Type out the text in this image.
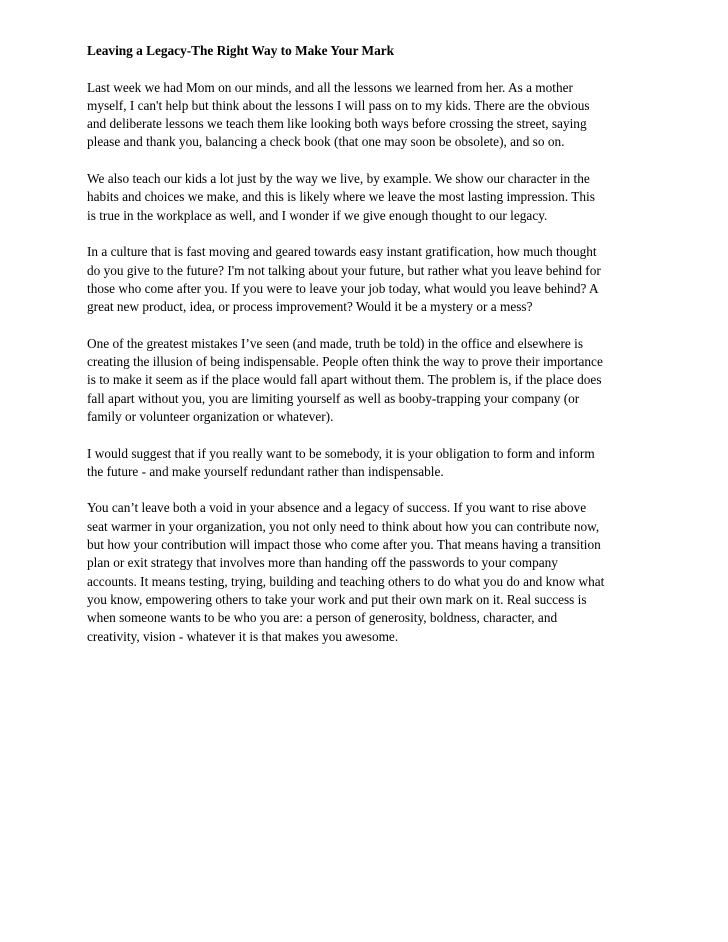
Leaving a Legacy-The Right Way to Make Your Mark
Last week we had Mom on our minds, and all the lessons we learned from her. As a mother
myself, I can't help but think about the lessons I will pass on to my kids. There are the obvious
and deliberate lessons we teach them like looking both ways before crossing the street, saying
please and thank you, balancing a check book (that one may soon be obsolete), and so on.
We also teach our kids a lot just by the way we live, by example. We show our character in the
habits and choices we make, and this is likely where we leave the most lasting impression. This
is true in the workplace as well, and I wonder if we give enough thought to our legacy.
In a culture that is fast moving and geared towards easy instant gratification, how much thought
do you give to the future? I'm not talking about your future, but rather what you leave behind for
those who come after you. If you were to leave your job today, what would you leave behind? A
great new product, idea, or process improvement? Would it be a mystery or a mess?
One of the greatest mistakes I’ve seen (and made, truth be told) in the office and elsewhere is
creating the illusion of being indispensable. People often think the way to prove their importance
is to make it seem as if the place would fall apart without them. The problem is, if the place does
fall apart without you, you are limiting yourself as well as booby-trapping your company (or
family or volunteer organization or whatever).
I would suggest that if you really want to be somebody, it is your obligation to form and inform
the future - and make yourself redundant rather than indispensable.
You can’t leave both a void in your absence and a legacy of success. If you want to rise above
seat warmer in your organization, you not only need to think about how you can contribute now,
but how your contribution will impact those who come after you. That means having a transition
plan or exit strategy that involves more than handing off the passwords to your company
accounts. It means testing, trying, building and teaching others to do what you do and know what
you know, empowering others to take your work and put their own mark on it. Real success is
when someone wants to be who you are: a person of generosity, boldness, character, and
creativity, vision - whatever it is that makes you awesome.
